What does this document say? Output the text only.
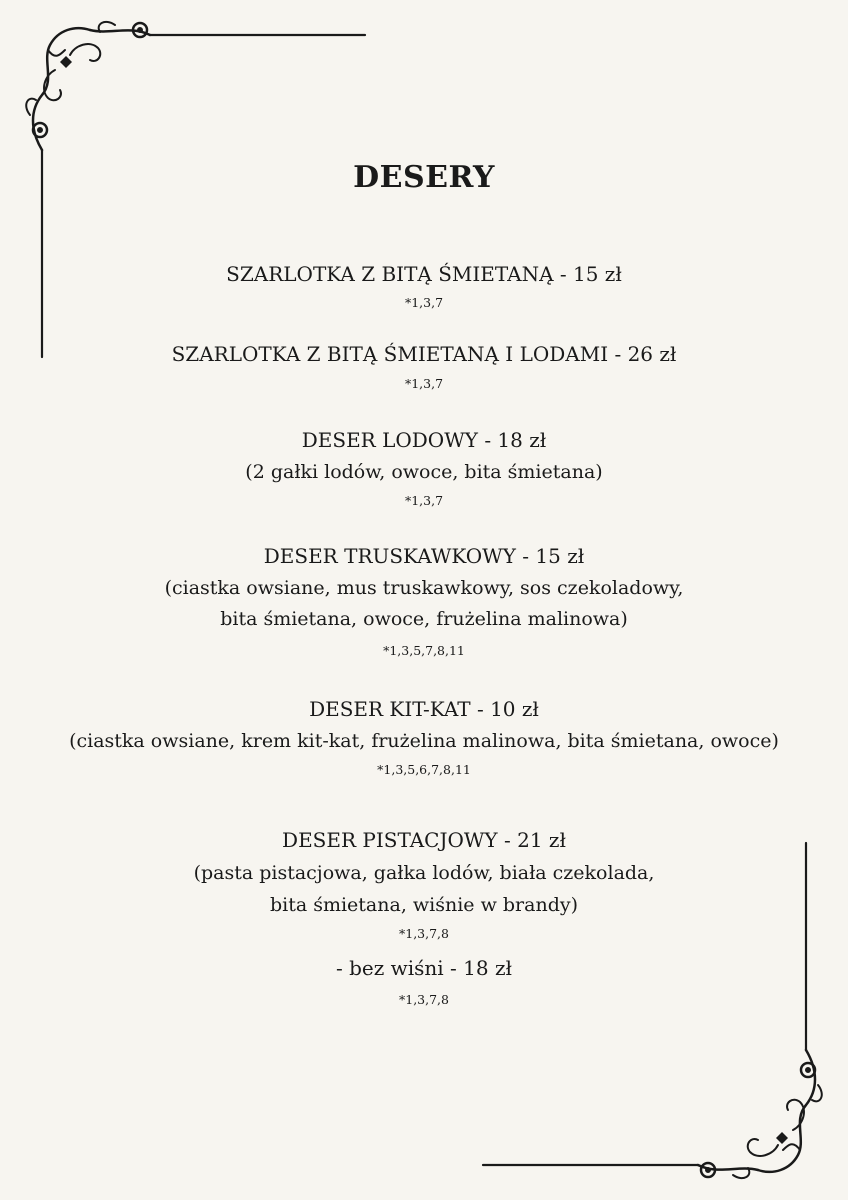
DESERY
SZARLOTKA Z BITĄ ŚMIETANĄ - 15 zł
*1,3,7
SZARLOTKA Z BITĄ ŚMIETANĄ I LODAMI - 26 zł
*1,3,7
DESER LODOWY - 18 zł
(2 gałki lodów, owoce, bita śmietana)
*1,3,7
DESER TRUSKAWKOWY - 15 zł
(ciastka owsiane, mus truskawkowy, sos czekoladowy,
bita śmietana, owoce, frużelina malinowa)
*1,3,5,7,8,11
DESER KIT-KAT - 10 zł
(ciastka owsiane, krem kit-kat, frużelina malinowa, bita śmietana, owoce)
*1,3,5,6,7,8,11
DESER PISTACJOWY - 21 zł
(pasta pistacjowa, gałka lodów, biała czekolada,
bita śmietana, wiśnie w brandy)
*1,3,7,8
- bez wiśni - 18 zł
*1,3,7,8
